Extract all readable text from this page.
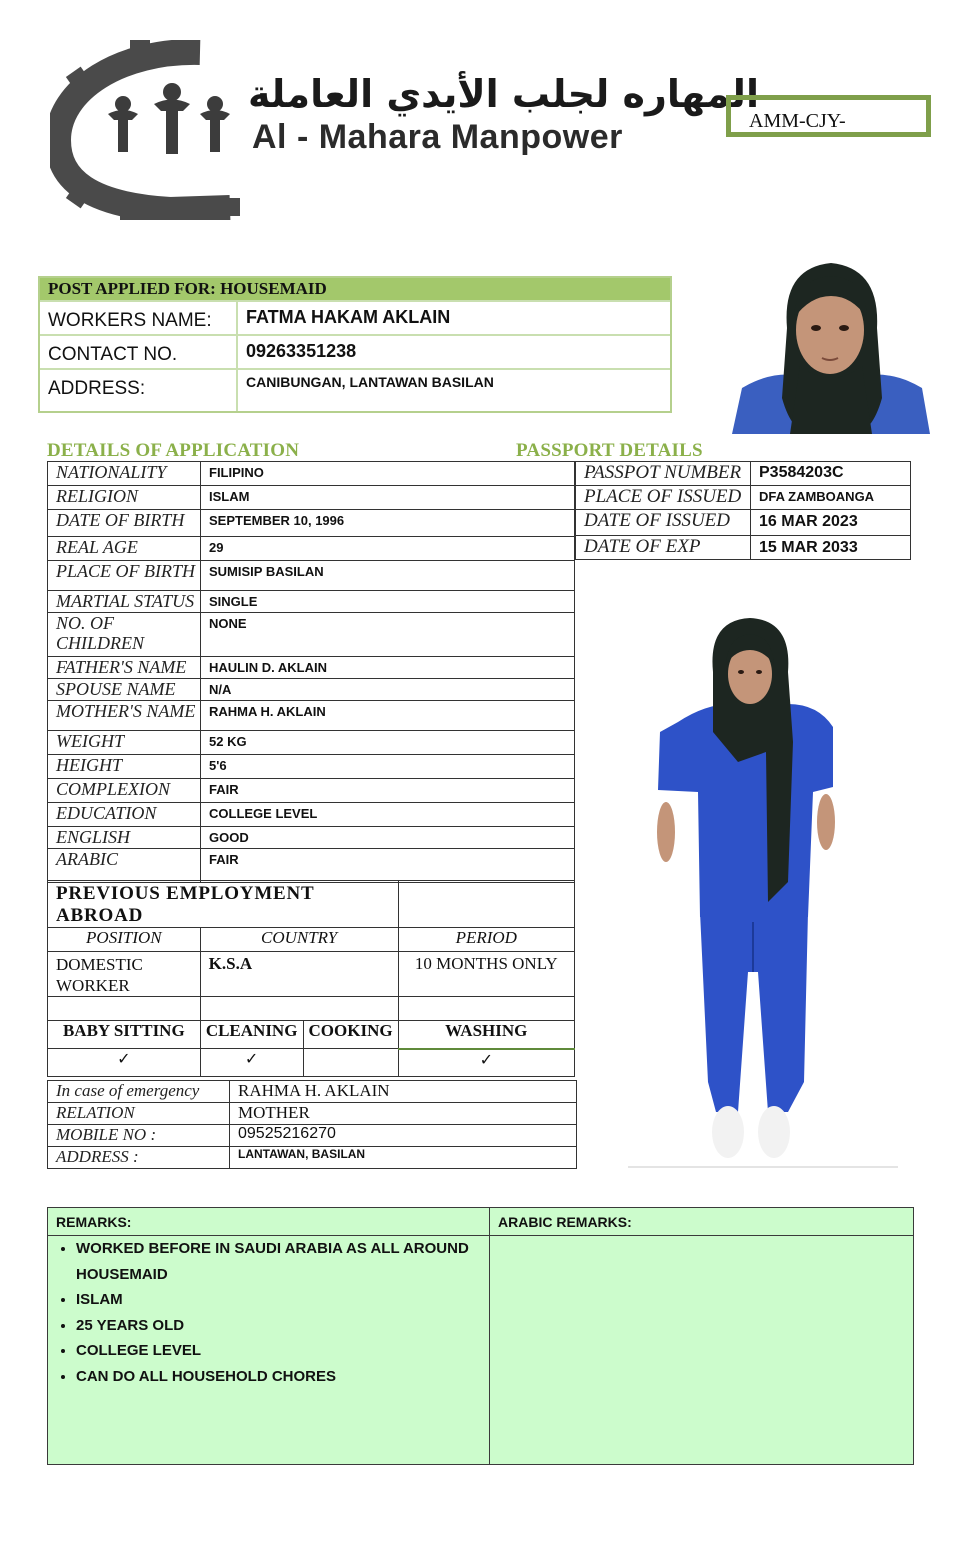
المهاره لجلب الأيدي العاملة
Al - Mahara Manpower	AMM-CJY-
POST APPLIED FOR: HOUSEMAID
WORKERS NAME: FATMA HAKAM AKLAIN
CONTACT NO.	09263351238
ADDRESS:	CANIBUNGAN, LANTAWAN BASILAN
DETAILS OF APPLICATION	PASSPORT DETAILS
NATIONALITY	FILIPINO
RELIGION	ISLAM
DATE OF BIRTH	SEPTEMBER 10, 1996
REAL AGE	29
PLACE OF BIRTH	SUMISIP BASILAN
MARTIAL STATUS	SINGLE
NO. OF CHILDREN	NONE
FATHER'S NAME	HAULIN D. AKLAIN
SPOUSE NAME	N/A
MOTHER'S NAME	RAHMA H. AKLAIN
WEIGHT	52 KG
HEIGHT	5'6
COMPLEXION	FAIR
EDUCATION	COLLEGE LEVEL
ENGLISH	GOOD
ARABIC	FAIR
PASSPOT NUMBER	P3584203C
PLACE OF ISSUED	DFA ZAMBOANGA
DATE OF ISSUED	16 MAR 2023
DATE OF EXP	15 MAR 2033
PREVIOUS EMPLOYMENT ABROAD			
POSITION	COUNTRY		PERIOD
DOMESTIC WORKER	K.S.A		10 MONTHS ONLY

BABY SITTING	CLEANING	COOKING	WASHING
✓	✓		✓
In case of emergency	RAHMA H. AKLAIN
RELATION	MOTHER
MOBILE NO :	09525216270
ADDRESS :	LANTAWAN, BASILAN
REMARKS:	ARABIC REMARKS:
• WORKED BEFORE IN SAUDI ARABIA AS ALL AROUND HOUSEMAID
• ISLAM
• 25 YEARS OLD
• COLLEGE LEVEL
• CAN DO ALL HOUSEHOLD CHORES
